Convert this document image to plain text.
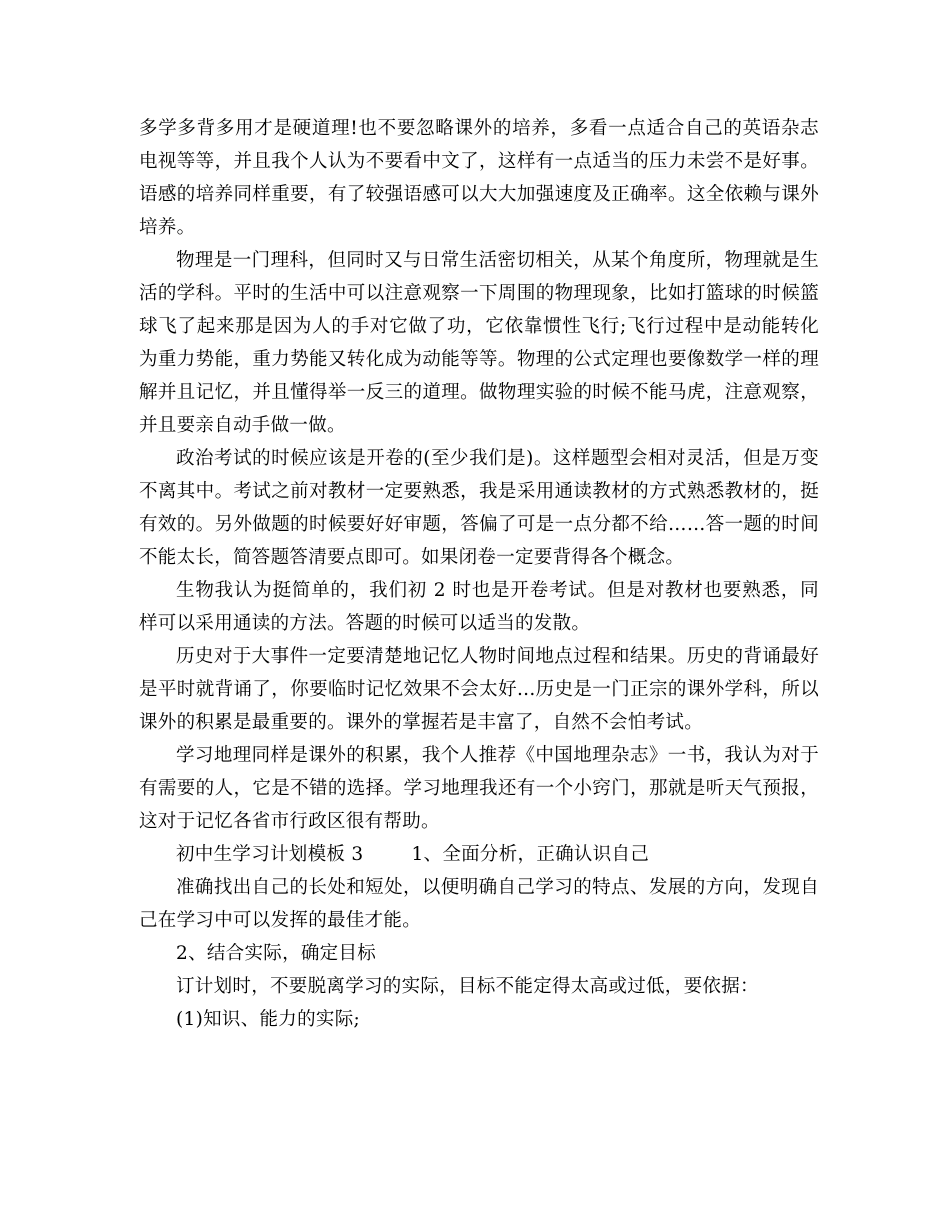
多学多背多用才是硬道理!也不要忽略课外的培养，多看一点适合自己的英语杂志电视等等，并且我个人认为不要看中文了，这样有一点适当的压力未尝不是好事。语感的培养同样重要，有了较强语感可以大大加强速度及正确率。这全依赖与课外培养。

物理是一门理科，但同时又与日常生活密切相关，从某个角度所，物理就是生活的学科。平时的生活中可以注意观察一下周围的物理现象，比如打篮球的时候篮球飞了起来那是因为人的手对它做了功，它依靠惯性飞行;飞行过程中是动能转化为重力势能，重力势能又转化成为动能等等。物理的公式定理也要像数学一样的理解并且记忆，并且懂得举一反三的道理。做物理实验的时候不能马虎，注意观察，并且要亲自动手做一做。

政治考试的时候应该是开卷的(至少我们是)。这样题型会相对灵活，但是万变不离其中。考试之前对教材一定要熟悉，我是采用通读教材的方式熟悉教材的，挺有效的。另外做题的时候要好好审题，答偏了可是一点分都不给……答一题的时间不能太长，简答题答清要点即可。如果闭卷一定要背得各个概念。

生物我认为挺简单的，我们初 2 时也是开卷考试。但是对教材也要熟悉，同样可以采用通读的方法。答题的时候可以适当的发散。

历史对于大事件一定要清楚地记忆人物时间地点过程和结果。历史的背诵最好是平时就背诵了，你要临时记忆效果不会太好...历史是一门正宗的课外学科，所以课外的积累是最重要的。课外的掌握若是丰富了，自然不会怕考试。

学习地理同样是课外的积累，我个人推荐《中国地理杂志》一书，我认为对于有需要的人，它是不错的选择。学习地理我还有一个小窍门，那就是听天气预报，这对于记忆各省市行政区很有帮助。

初中生学习计划模板 3	1、全面分析，正确认识自己

准确找出自己的长处和短处，以便明确自己学习的特点、发展的方向，发现自己在学习中可以发挥的最佳才能。

2、结合实际，确定目标

订计划时，不要脱离学习的实际，目标不能定得太高或过低，要依据：

(1)知识、能力的实际;
